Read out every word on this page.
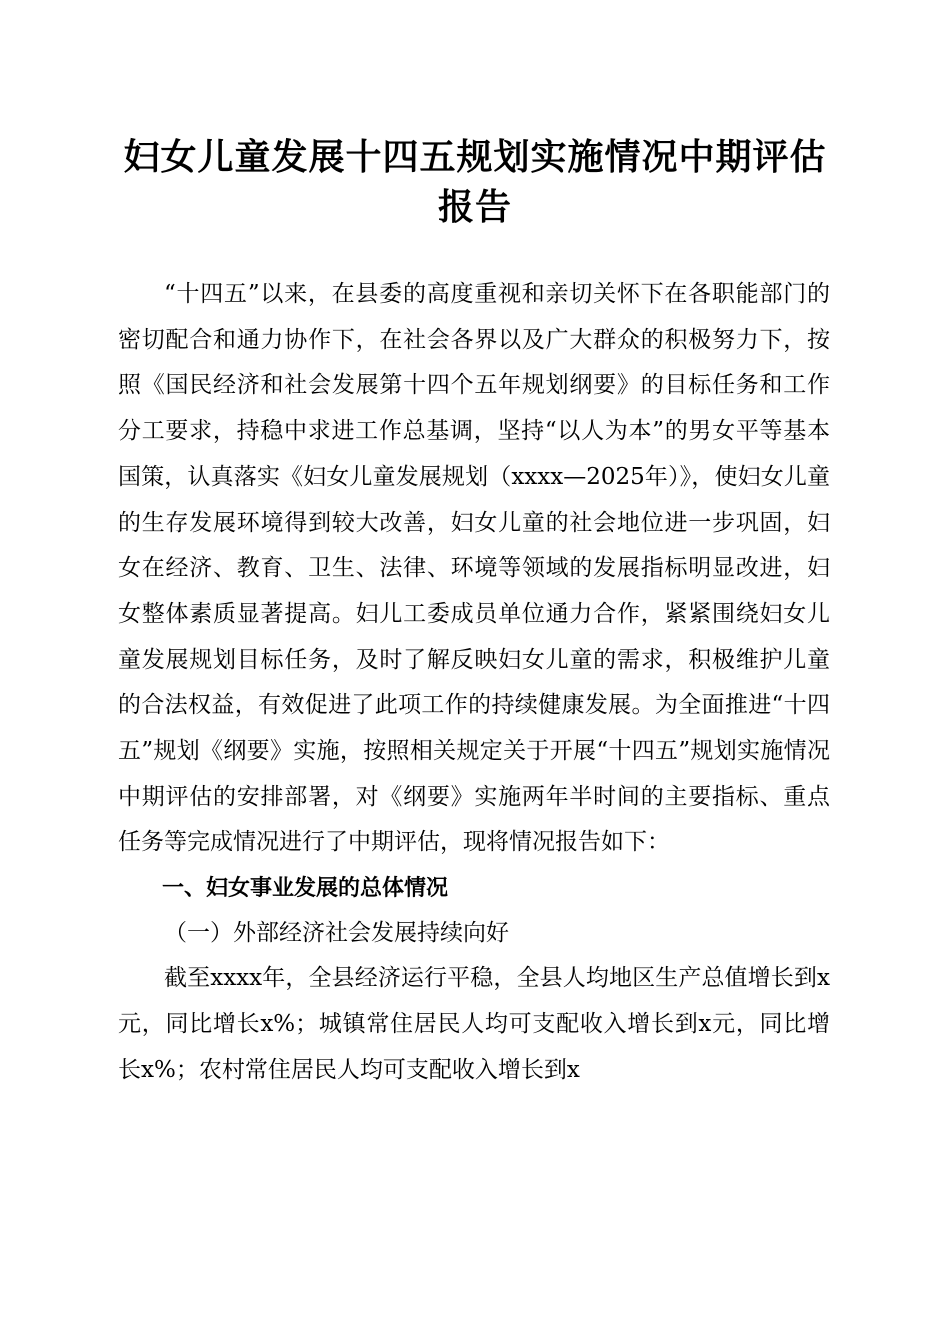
妇女儿童发展十四五规划实施情况中期评估报告

“十四五”以来，在县委的高度重视和亲切关怀下在各职能部门的密切配合和通力协作下，在社会各界以及广大群众的积极努力下，按照《国民经济和社会发展第十四个五年规划纲要》的目标任务和工作分工要求，持稳中求进工作总基调，坚持“以人为本”的男女平等基本国策，认真落实《妇女儿童发展规划（xxxx—2025年）》，使妇女儿童的生存发展环境得到较大改善，妇女儿童的社会地位进一步巩固，妇女在经济、教育、卫生、法律、环境等领域的发展指标明显改进，妇女整体素质显著提高。妇儿工委成员单位通力合作，紧紧围绕妇女儿童发展规划目标任务，及时了解反映妇女儿童的需求，积极维护儿童的合法权益，有效促进了此项工作的持续健康发展。为全面推进“十四五”规划《纲要》实施，按照相关规定关于开展“十四五”规划实施情况中期评估的安排部署，对《纲要》实施两年半时间的主要指标、重点任务等完成情况进行了中期评估，现将情况报告如下：

一、妇女事业发展的总体情况

（一）外部经济社会发展持续向好

截至xxxx年，全县经济运行平稳，全县人均地区生产总值增长到x元，同比增长x%；城镇常住居民人均可支配收入增长到x元，同比增长x%；农村常住居民人均可支配收入增长到x
